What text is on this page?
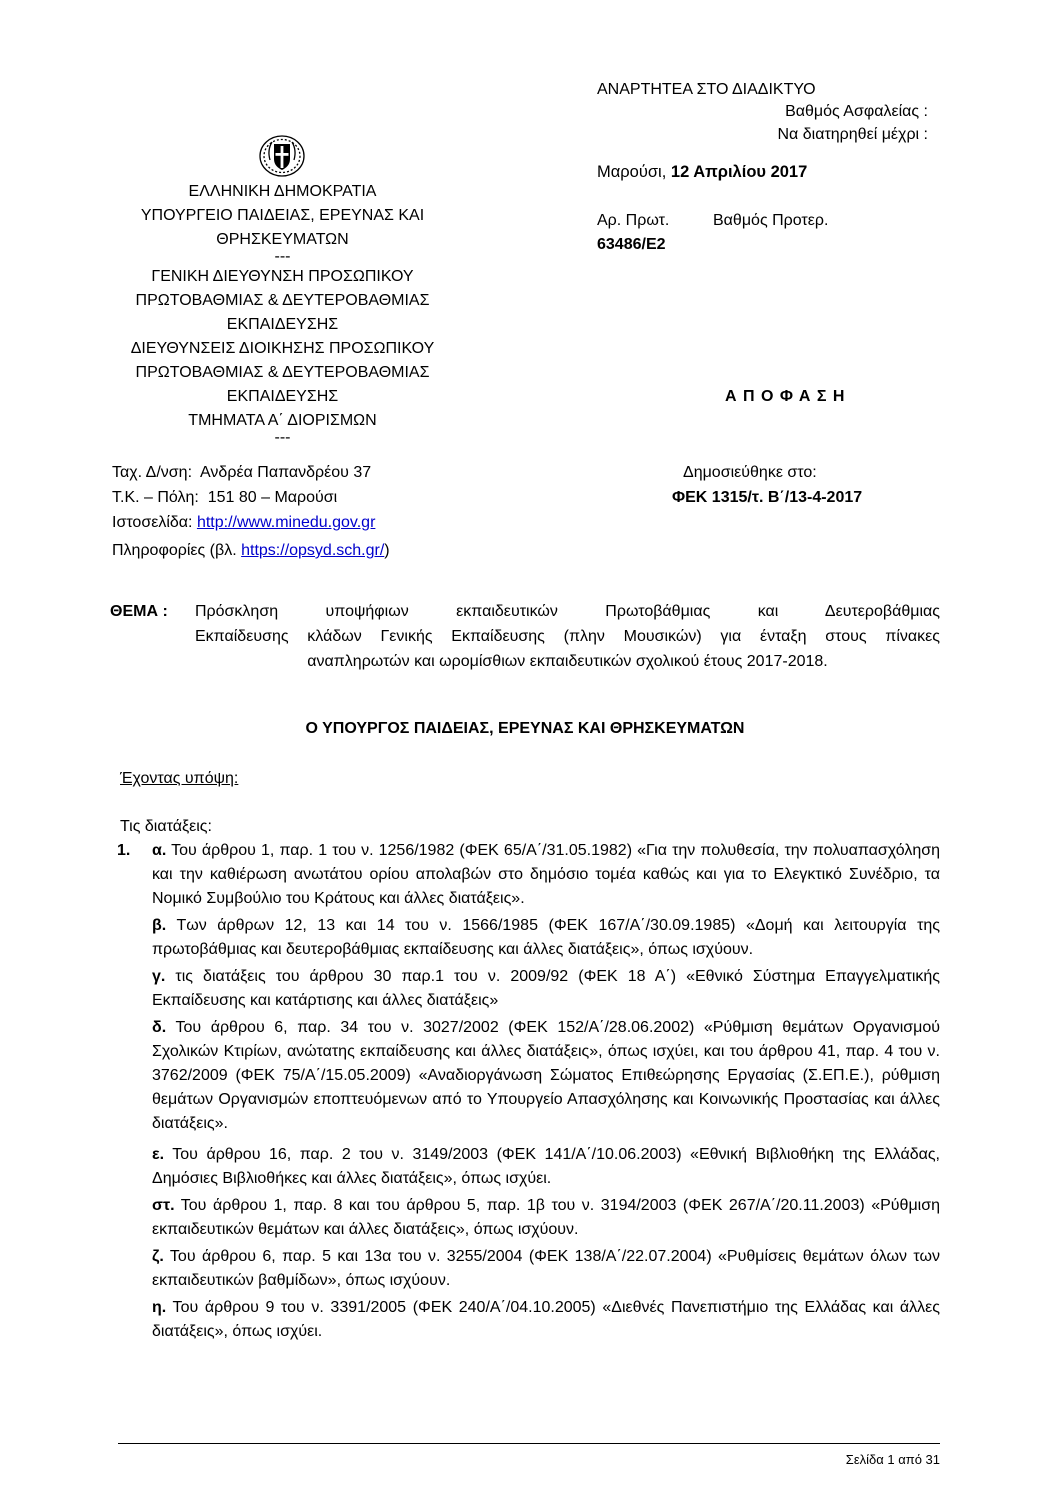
ΑΝΑΡΤΗΤΕΑ ΣΤΟ ΔΙΑΔΙΚΤΥΟ
Βαθμός Ασφαλείας :
Να διατηρηθεί μέχρι :
Μαρούσι, 12 Απριλίου 2017
Αρ. Πρωτ.	Βαθμός Προτερ.
63486/Ε2
ΕΛΛΗΝΙΚΗ ΔΗΜΟΚΡΑΤΙΑ
ΥΠΟΥΡΓΕΙΟ ΠΑΙΔΕΙΑΣ, ΕΡΕΥΝΑΣ ΚΑΙ
ΘΡΗΣΚΕΥΜΑΤΩΝ
---
ΓΕΝΙΚΗ ΔΙΕΥΘΥΝΣΗ ΠΡΟΣΩΠΙΚΟΥ
ΠΡΩΤΟΒΑΘΜΙΑΣ & ΔΕΥΤΕΡΟΒΑΘΜΙΑΣ
ΕΚΠΑΙΔΕΥΣΗΣ
ΔΙΕΥΘΥΝΣΕΙΣ ΔΙΟΙΚΗΣΗΣ ΠΡΟΣΩΠΙΚΟΥ
ΠΡΩΤΟΒΑΘΜΙΑΣ & ΔΕΥΤΕΡΟΒΑΘΜΙΑΣ
ΕΚΠΑΙΔΕΥΣΗΣ
ΤΜΗΜΑΤΑ Α΄ ΔΙΟΡΙΣΜΩΝ
---
Α Π Ο Φ Α Σ Η
Ταχ. Δ/νση: Ανδρέα Παπανδρέου 37
Τ.Κ. – Πόλη: 151 80 – Μαρούσι
Ιστοσελίδα: http://www.minedu.gov.gr
Πληροφορίες (βλ. https://opsyd.sch.gr/)
Δημοσιεύθηκε στο:
ΦΕΚ 1315/τ. Β΄/13-4-2017
ΘΕΜΑ : Πρόσκληση υποψήφιων εκπαιδευτικών Πρωτοβάθμιας και Δευτεροβάθμιας
Εκπαίδευσης κλάδων Γενικής Εκπαίδευσης (πλην Μουσικών) για ένταξη στους πίνακες
αναπληρωτών και ωρομίσθιων εκπαιδευτικών σχολικού έτους 2017-2018.
Ο ΥΠΟΥΡΓΟΣ ΠΑΙΔΕΙΑΣ, ΕΡΕΥΝΑΣ ΚΑΙ ΘΡΗΣΚΕΥΜΑΤΩΝ
Έχοντας υπόψη:
Τις διατάξεις:
1. α. Του άρθρου 1, παρ. 1 του ν. 1256/1982 (ΦΕΚ 65/Α΄/31.05.1982) «Για την πολυθεσία, την πολυαπασχόληση και την καθιέρωση ανωτάτου ορίου απολαβών στο δημόσιο τομέα καθώς και για το Ελεγκτικό Συνέδριο, τα Νομικό Συμβούλιο του Κράτους και άλλες διατάξεις».
β. Των άρθρων 12, 13 και 14 του ν. 1566/1985 (ΦΕΚ 167/Α΄/30.09.1985) «Δομή και λειτουργία της πρωτοβάθμιας και δευτεροβάθμιας εκπαίδευσης και άλλες διατάξεις», όπως ισχύουν.
γ. τις διατάξεις του άρθρου 30 παρ.1 του ν. 2009/92 (ΦΕΚ 18 Α΄) «Εθνικό Σύστημα Επαγγελματικής Εκπαίδευσης και κατάρτισης και άλλες διατάξεις»
δ. Του άρθρου 6, παρ. 34 του ν. 3027/2002 (ΦΕΚ 152/Α΄/28.06.2002) «Ρύθμιση θεμάτων Οργανισμού Σχολικών Κτιρίων, ανώτατης εκπαίδευσης και άλλες διατάξεις», όπως ισχύει, και του άρθρου 41, παρ. 4 του ν. 3762/2009 (ΦΕΚ 75/Α΄/15.05.2009) «Αναδιοργάνωση Σώματος Επιθεώρησης Εργασίας (Σ.ΕΠ.Ε.), ρύθμιση θεμάτων Οργανισμών εποπτευόμενων από το Υπουργείο Απασχόλησης και Κοινωνικής Προστασίας και άλλες διατάξεις».
ε. Του άρθρου 16, παρ. 2 του ν. 3149/2003 (ΦΕΚ 141/Α΄/10.06.2003) «Εθνική Βιβλιοθήκη της Ελλάδας, Δημόσιες Βιβλιοθήκες και άλλες διατάξεις», όπως ισχύει.
στ. Του άρθρου 1, παρ. 8 και του άρθρου 5, παρ. 1β του ν. 3194/2003 (ΦΕΚ 267/Α΄/20.11.2003) «Ρύθμιση εκπαιδευτικών θεμάτων και άλλες διατάξεις», όπως ισχύουν.
ζ. Του άρθρου 6, παρ. 5 και 13α του ν. 3255/2004 (ΦΕΚ 138/Α΄/22.07.2004) «Ρυθμίσεις θεμάτων όλων των εκπαιδευτικών βαθμίδων», όπως ισχύουν.
η. Του άρθρου 9 του ν. 3391/2005 (ΦΕΚ 240/Α΄/04.10.2005) «Διεθνές Πανεπιστήμιο της Ελλάδας και άλλες διατάξεις», όπως ισχύει.
Σελίδα 1 από 31
